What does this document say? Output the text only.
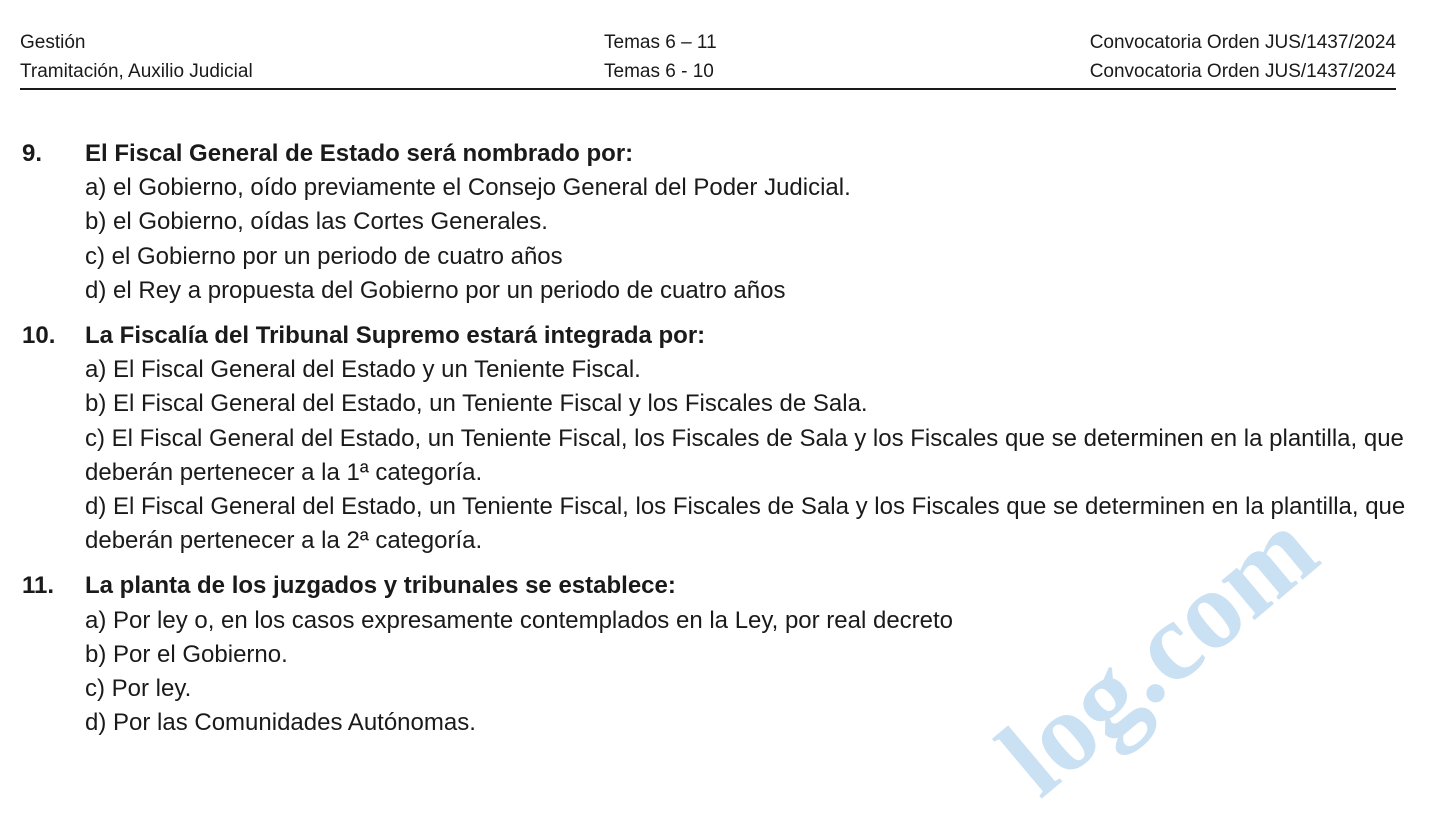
Gestión	Temas 6 – 11	Convocatoria Orden JUS/1437/2024
Tramitación, Auxilio Judicial	Temas 6 - 10	Convocatoria Orden JUS/1437/2024
9. El Fiscal General de Estado será nombrado por:
a) el Gobierno, oído previamente el Consejo General del Poder Judicial.
b) el Gobierno, oídas las Cortes Generales.
c) el Gobierno por un periodo de cuatro años
d) el Rey a propuesta del Gobierno por un periodo de cuatro años
10. La Fiscalía del Tribunal Supremo estará integrada por:
a) El Fiscal General del Estado y un Teniente Fiscal.
b) El Fiscal General del Estado, un Teniente Fiscal y los Fiscales de Sala.
c) El Fiscal General del Estado, un Teniente Fiscal, los Fiscales de Sala y los Fiscales que se determinen en la plantilla, que deberán pertenecer a la 1ª categoría.
d) El Fiscal General del Estado, un Teniente Fiscal, los Fiscales de Sala y los Fiscales que se determinen en la plantilla, que deberán pertenecer a la 2ª categoría.
11. La planta de los juzgados y tribunales se establece:
a) Por ley o, en los casos expresamente contemplados en la Ley, por real decreto
b) Por el Gobierno.
c) Por ley.
d) Por las Comunidades Autónomas.	log.com
